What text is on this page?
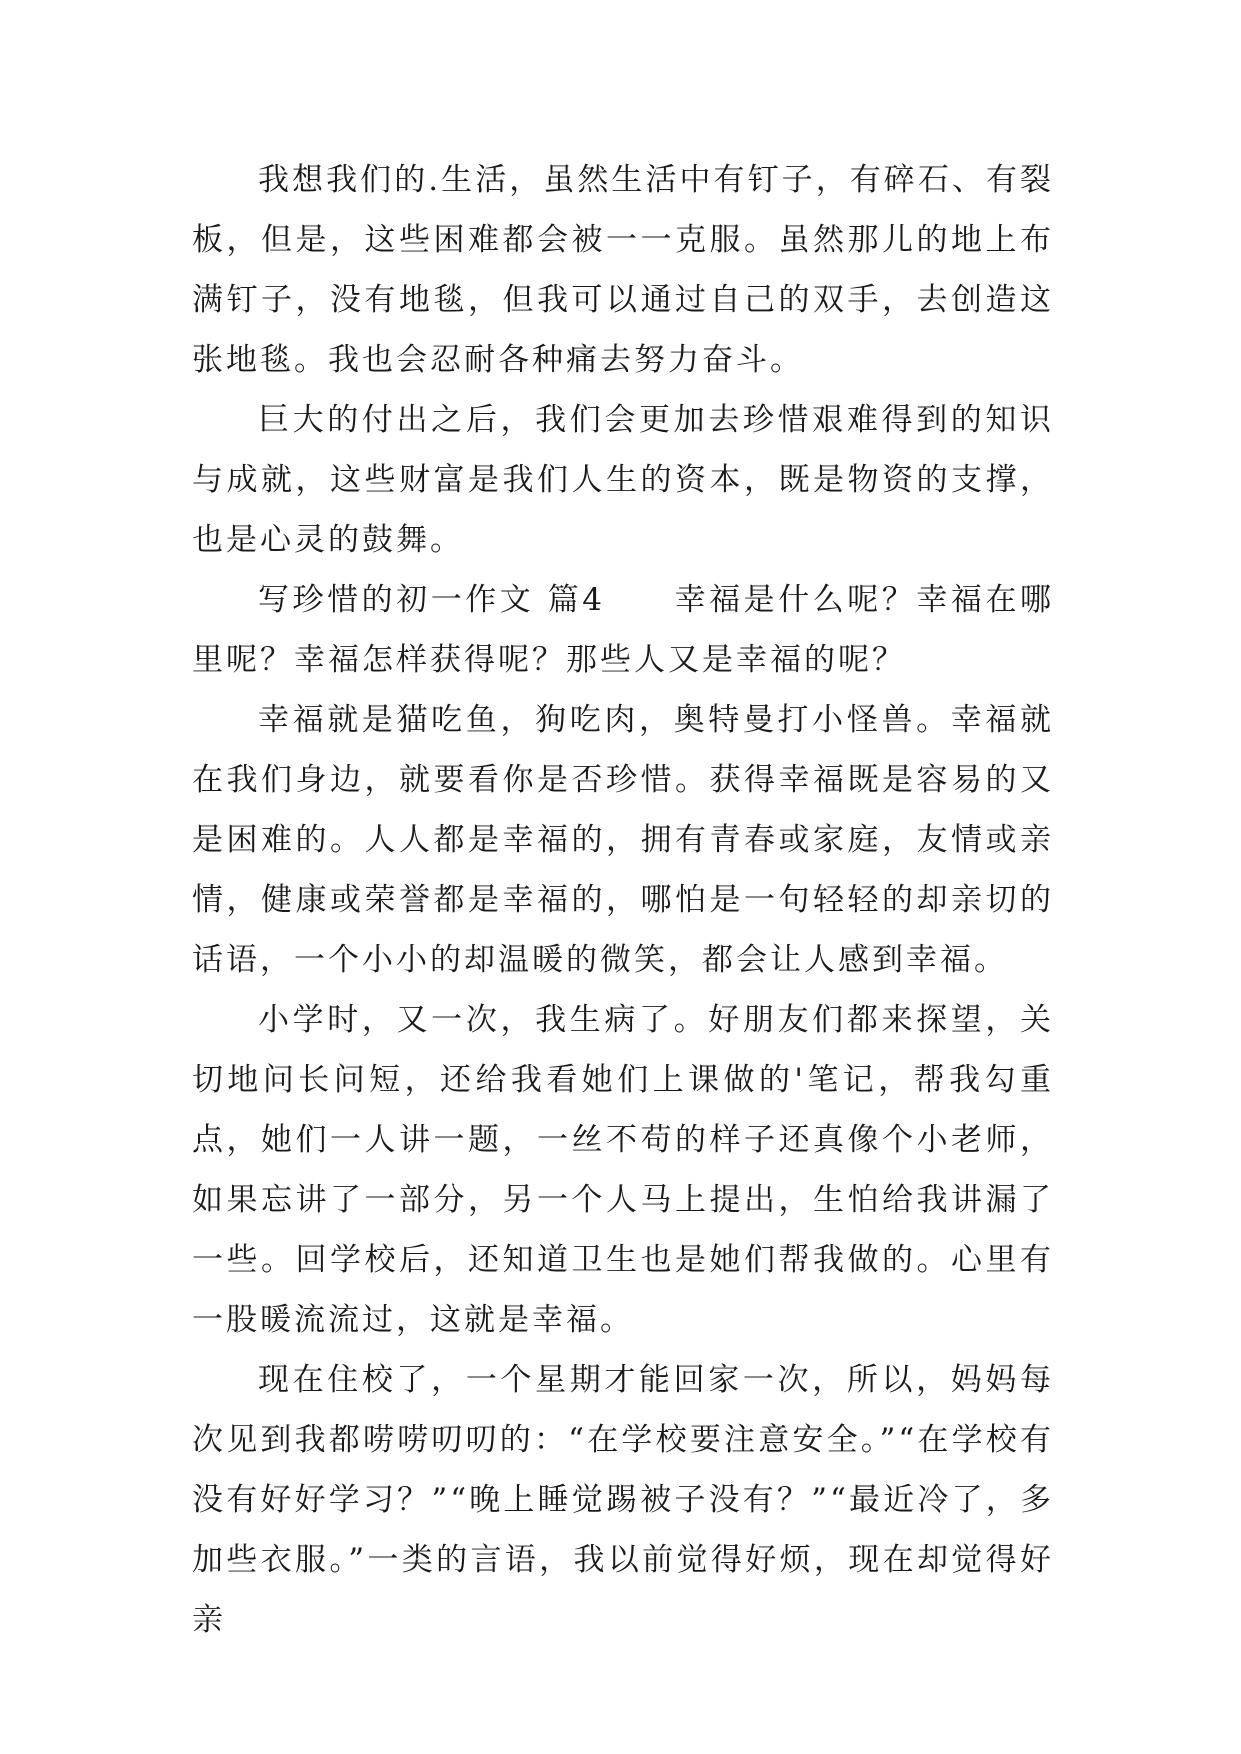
我想我们的.生活，虽然生活中有钉子，有碎石、有裂板，但是，这些困难都会被一一克服。虽然那儿的地上布满钉子，没有地毯，但我可以通过自己的双手，去创造这张地毯。我也会忍耐各种痛去努力奋斗。

巨大的付出之后，我们会更加去珍惜艰难得到的知识与成就，这些财富是我们人生的资本，既是物资的支撑，也是心灵的鼓舞。

写珍惜的初一作文 篇4　　幸福是什么呢？幸福在哪里呢？幸福怎样获得呢？那些人又是幸福的呢？

幸福就是猫吃鱼，狗吃肉，奥特曼打小怪兽。幸福就在我们身边，就要看你是否珍惜。获得幸福既是容易的又是困难的。人人都是幸福的，拥有青春或家庭，友情或亲情，健康或荣誉都是幸福的，哪怕是一句轻轻的却亲切的话语，一个小小的却温暖的微笑，都会让人感到幸福。

小学时，又一次，我生病了。好朋友们都来探望，关切地问长问短，还给我看她们上课做的'笔记，帮我勾重点，她们一人讲一题，一丝不苟的样子还真像个小老师，如果忘讲了一部分，另一个人马上提出，生怕给我讲漏了一些。回学校后，还知道卫生也是她们帮我做的。心里有一股暖流流过，这就是幸福。

现在住校了，一个星期才能回家一次，所以，妈妈每次见到我都唠唠叨叨的：“在学校要注意安全。”“在学校有没有好好学习？”“晚上睡觉踢被子没有？”“最近冷了，多加些衣服。”一类的言语，我以前觉得好烦，现在却觉得好亲
